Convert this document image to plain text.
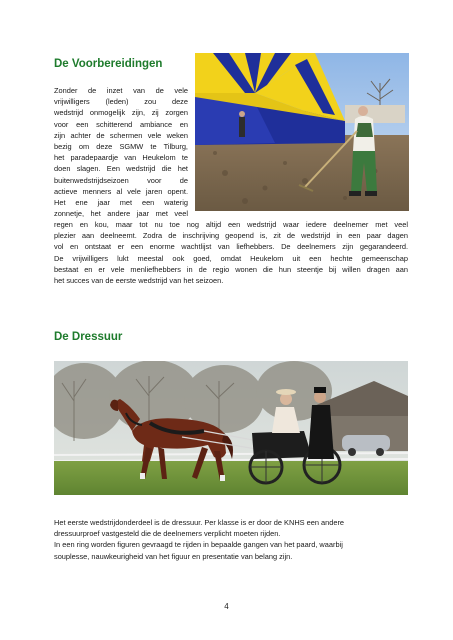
De Voorbereidingen
Zonder de inzet van de vele
vrijwilligers (leden) zou deze
wedstrijd onmogelijk zijn, zij zorgen
voor een schitterend ambiance en
zijn achter de schermen vele weken
bezig om deze SGMW te Tilburg,
het paradepaardje van Heukelom te
doen slagen. Een wedstrijd die het
buitenwedstrijdseizoen voor de
actieve menners al vele jaren opent.
Het ene jaar met een waterig
zonnetje, het andere jaar met veel
regen en kou, maar tot nu toe nog altijd een wedstrijd waar iedere deelnemer met veel
plezier aan deelneemt. Zodra de inschrijving geopend is, zit de wedstrijd in een paar dagen
vol en ontstaat er een enorme wachtlijst van liefhebbers. De deelnemers zijn gegarandeerd.
De vrijwilligers lukt meestal ook goed, omdat Heukelom uit een hechte gemeenschap
bestaat en er vele menliefhebbers in de regio wonen die hun steentje bij willen dragen aan
het succes van de eerste wedstrijd van het seizoen.
De Dressuur
Het eerste wedstrijdonderdeel is de dressuur. Per klasse is er door de KNHS een andere
dressuurproef vastgesteld die de deelnemers verplicht moeten rijden.
In een ring worden figuren gevraagd te rijden in bepaalde gangen van het paard, waarbij
souplesse, nauwkeurigheid van het figuur en presentatie van belang zijn.
4
